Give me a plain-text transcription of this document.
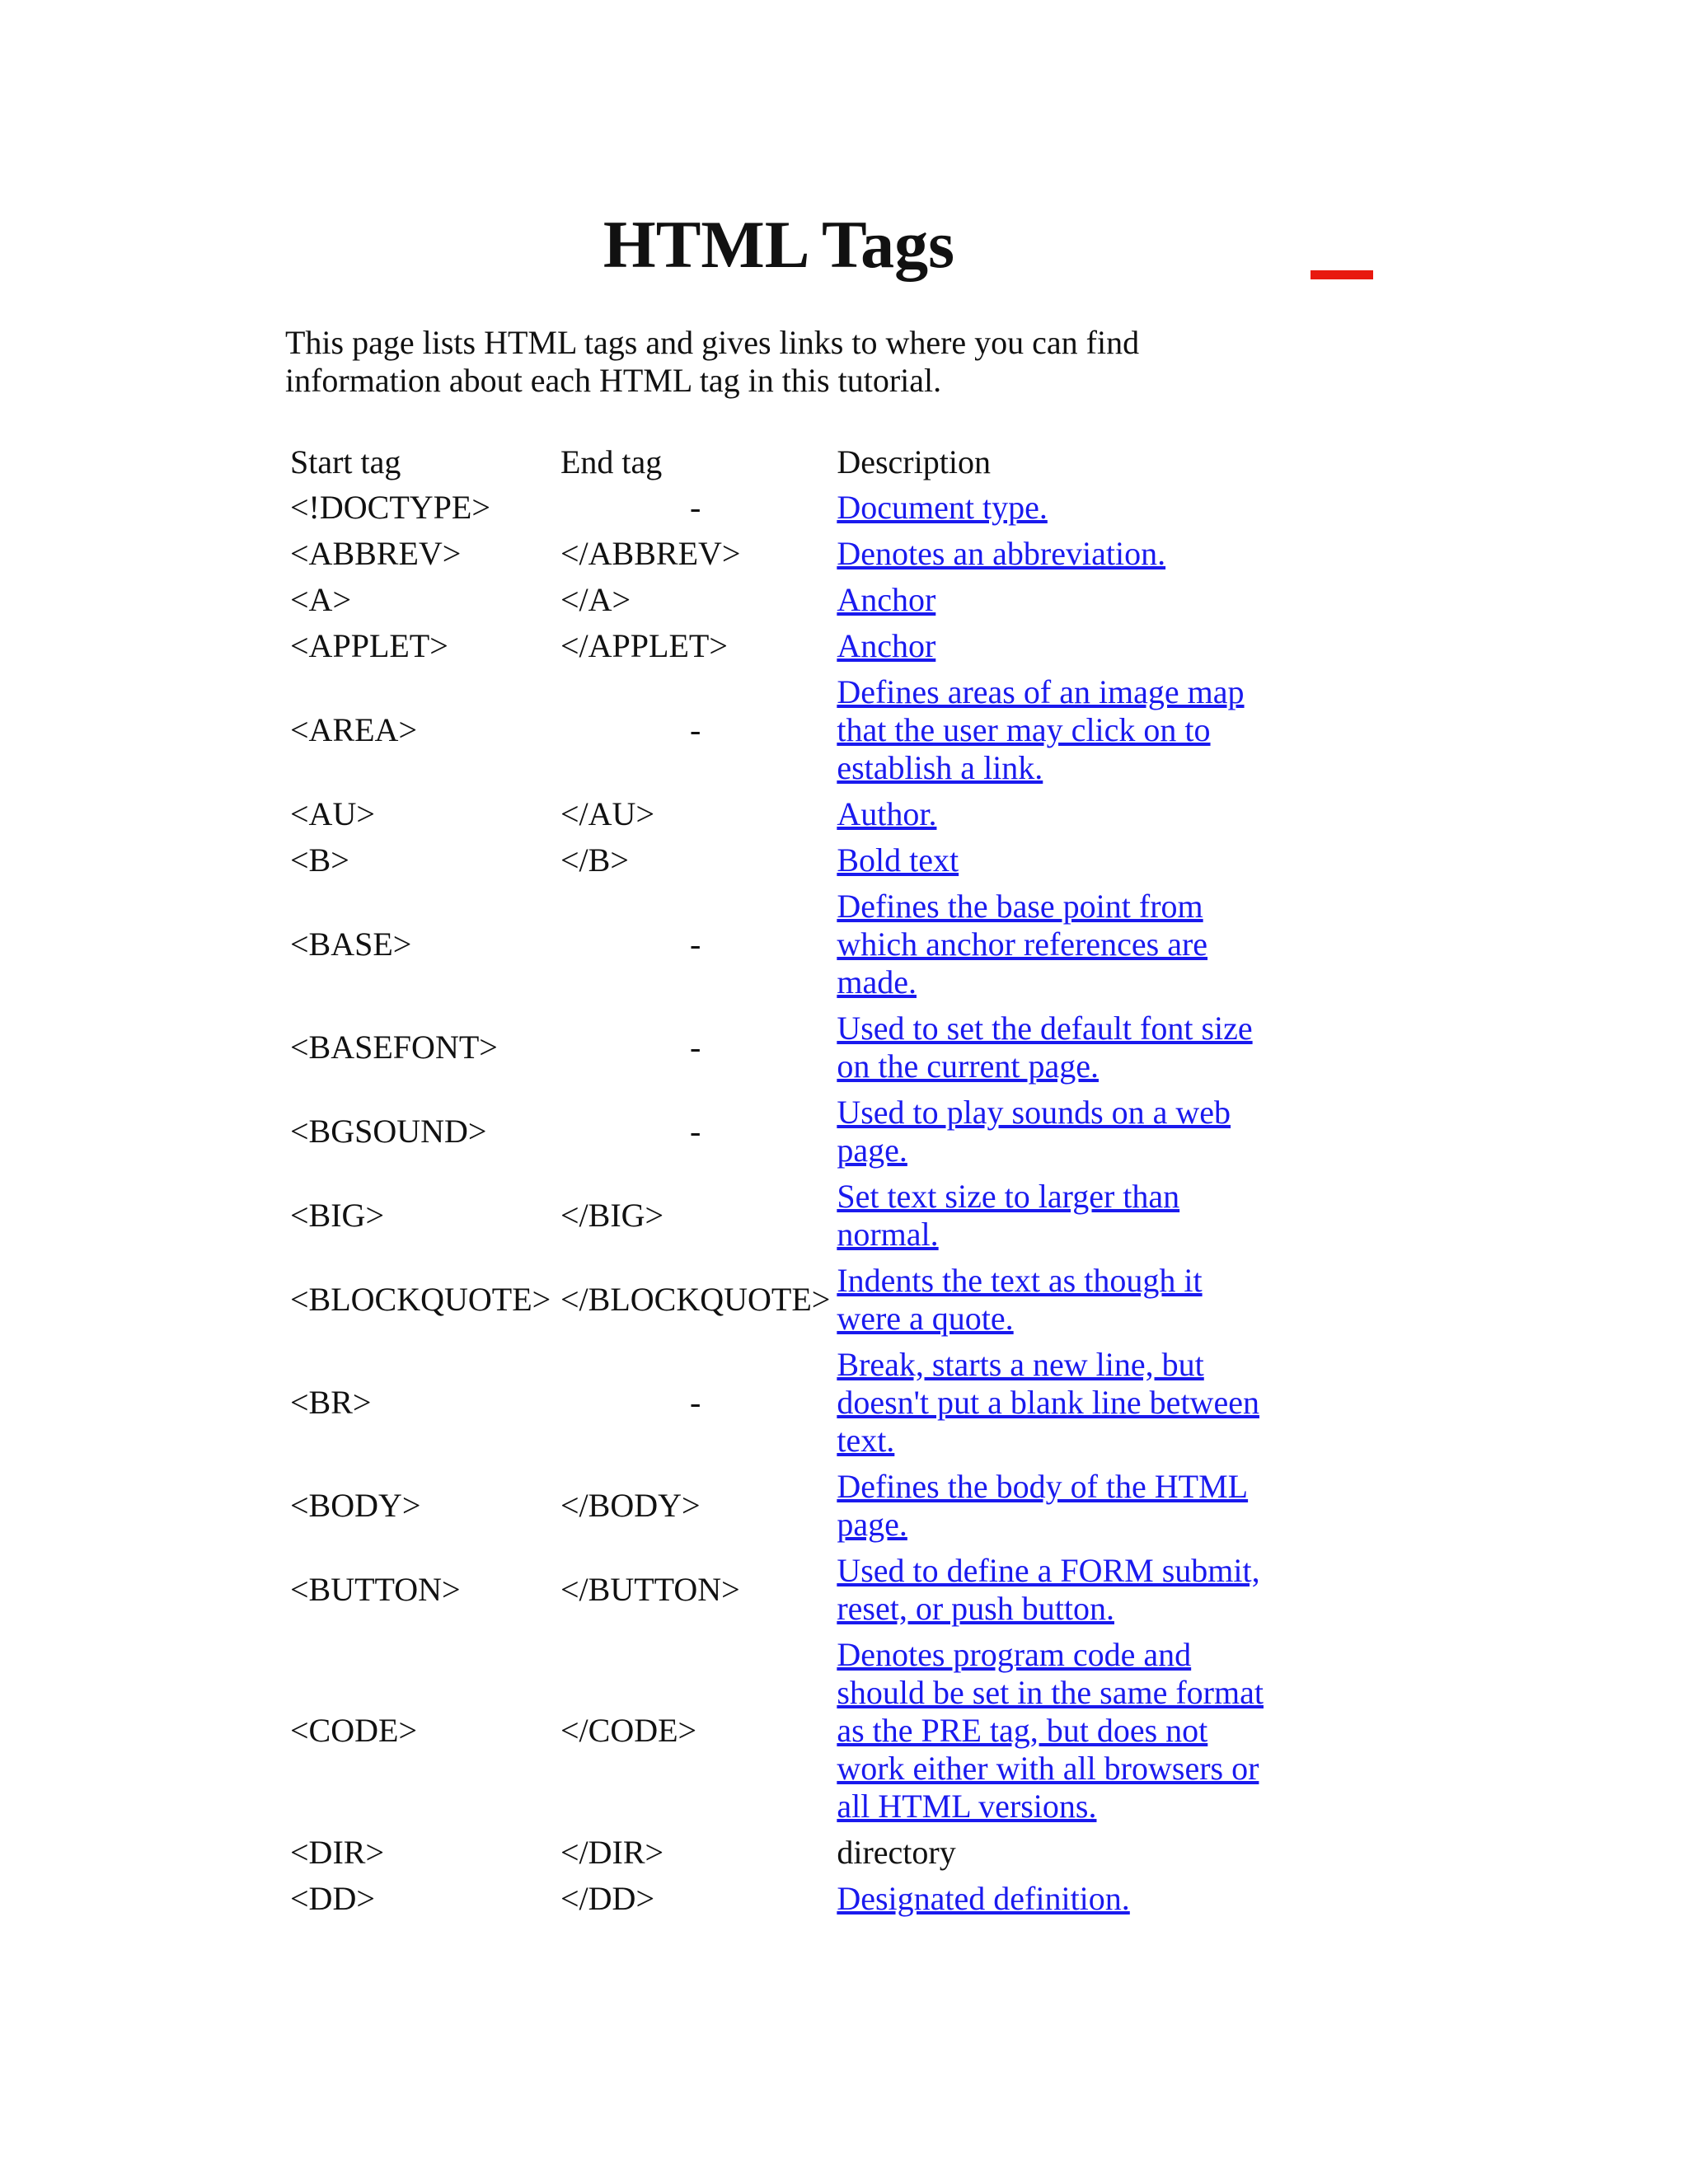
HTML Tags

This page lists HTML tags and gives links to where you can find information about each HTML tag in this tutorial.

Start tag	End tag	Description
<!DOCTYPE>	-	Document type.
<ABBREV>	</ABBREV>	Denotes an abbreviation.
<A>	</A>	Anchor
<APPLET>	</APPLET>	Anchor
<AREA>	-	Defines areas of an image map that the user may click on to establish a link.
<AU>	</AU>	Author.
<B>	</B>	Bold text
<BASE>	-	Defines the base point from which anchor references are made.
<BASEFONT>	-	Used to set the default font size on the current page.
<BGSOUND>	-	Used to play sounds on a web page.
<BIG>	</BIG>	Set text size to larger than normal.
<BLOCKQUOTE>	</BLOCKQUOTE>	Indents the text as though it were a quote.
<BR>	-	Break, starts a new line, but doesn't put a blank line between text.
<BODY>	</BODY>	Defines the body of the HTML page.
<BUTTON>	</BUTTON>	Used to define a FORM submit, reset, or push button.
<CODE>	</CODE>	Denotes program code and should be set in the same format as the PRE tag, but does not work either with all browsers or all HTML versions.
<DIR>	</DIR>	directory
<DD>	</DD>	Designated definition.
